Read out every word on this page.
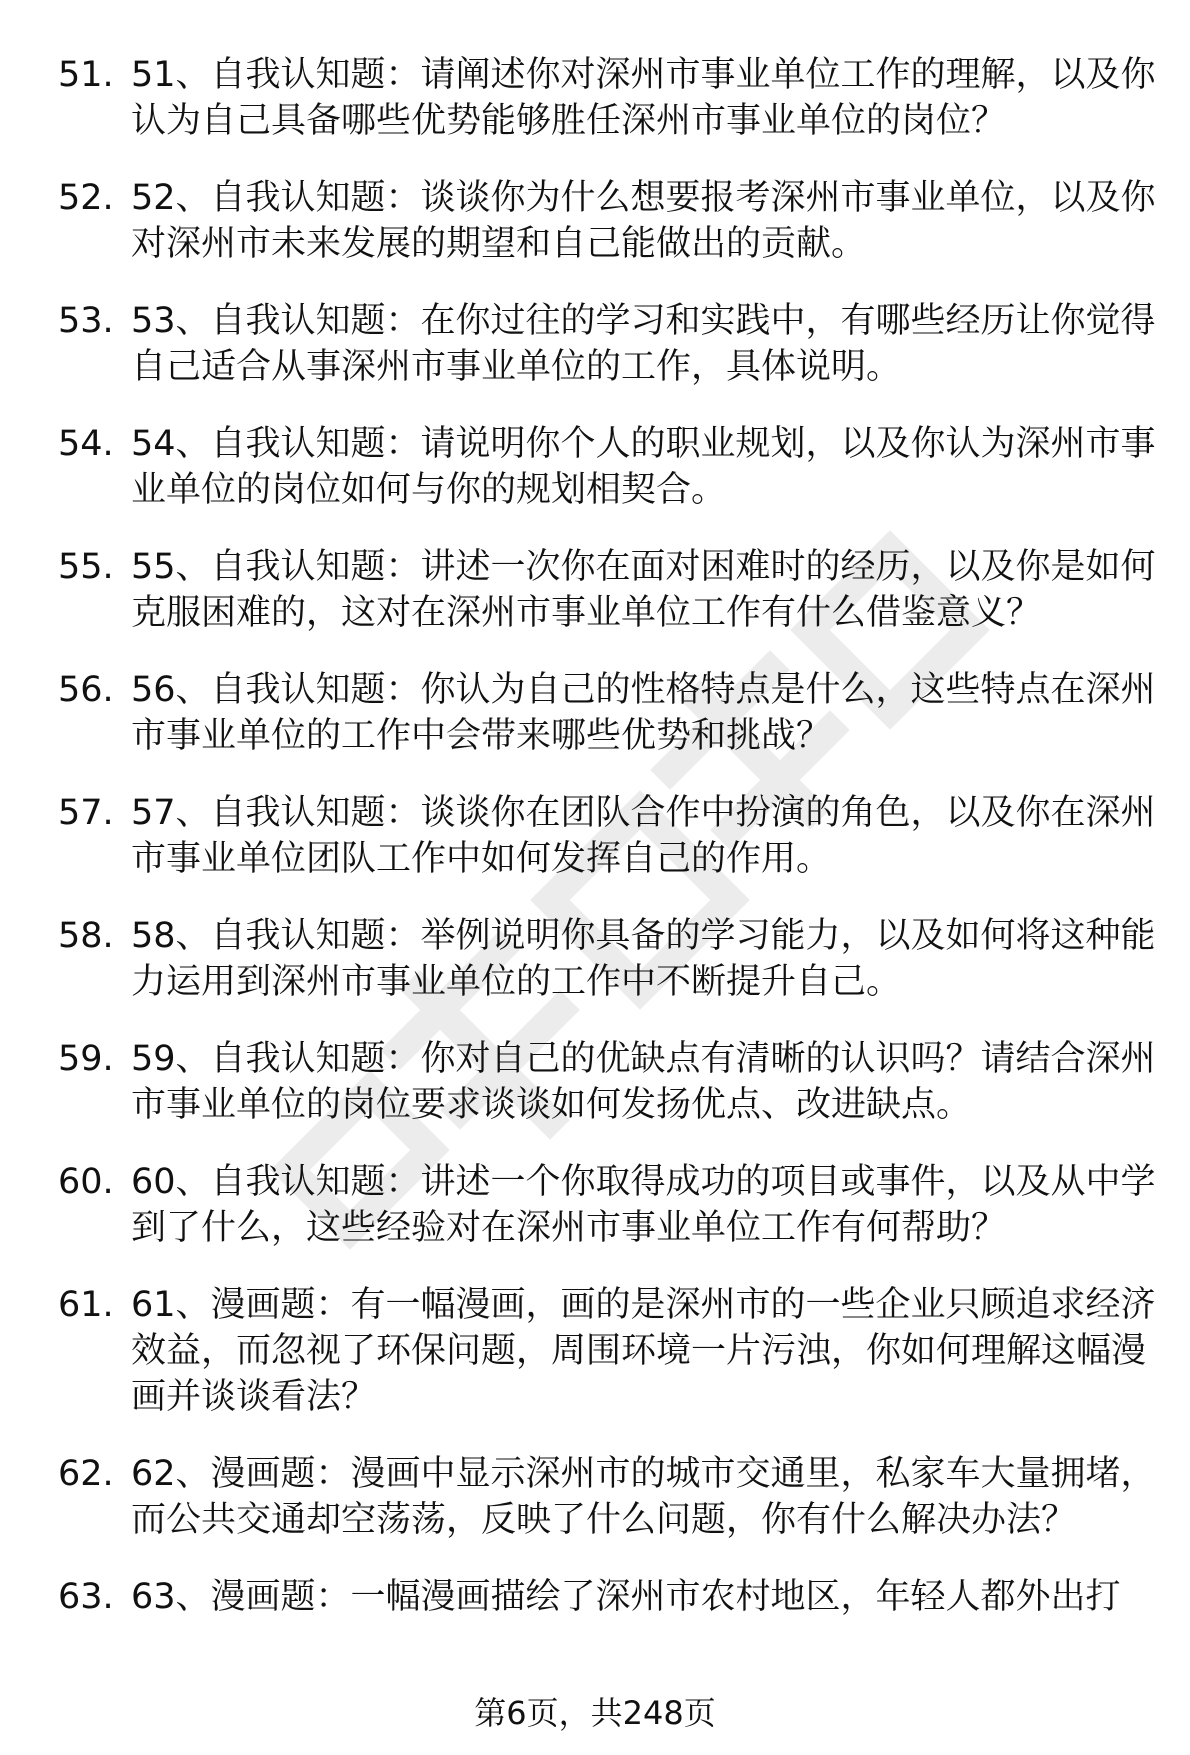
51. 51、自我认知题：请阐述你对深州市事业单位工作的理解，以及你认为自己具备哪些优势能够胜任深州市事业单位的岗位？
52. 52、自我认知题：谈谈你为什么想要报考深州市事业单位，以及你对深州市未来发展的期望和自己能做出的贡献。
53. 53、自我认知题：在你过往的学习和实践中，有哪些经历让你觉得自己适合从事深州市事业单位的工作，具体说明。
54. 54、自我认知题：请说明你个人的职业规划，以及你认为深州市事业单位的岗位如何与你的规划相契合。
55. 55、自我认知题：讲述一次你在面对困难时的经历，以及你是如何克服困难的，这对在深州市事业单位工作有什么借鉴意义？
56. 56、自我认知题：你认为自己的性格特点是什么，这些特点在深州市事业单位的工作中会带来哪些优势和挑战？
57. 57、自我认知题：谈谈你在团队合作中扮演的角色，以及你在深州市事业单位团队工作中如何发挥自己的作用。
58. 58、自我认知题：举例说明你具备的学习能力，以及如何将这种能力运用到深州市事业单位的工作中不断提升自己。
59. 59、自我认知题：你对自己的优缺点有清晰的认识吗？请结合深州市事业单位的岗位要求谈谈如何发扬优点、改进缺点。
60. 60、自我认知题：讲述一个你取得成功的项目或事件，以及从中学到了什么，这些经验对在深州市事业单位工作有何帮助？
61. 61、漫画题：有一幅漫画，画的是深州市的一些企业只顾追求经济效益，而忽视了环保问题，周围环境一片污浊，你如何理解这幅漫画并谈谈看法？
62. 62、漫画题：漫画中显示深州市的城市交通里，私家车大量拥堵，而公共交通却空荡荡，反映了什么问题，你有什么解决办法？
63. 63、漫画题：一幅漫画描绘了深州市农村地区，年轻人都外出打
第6页，共248页
